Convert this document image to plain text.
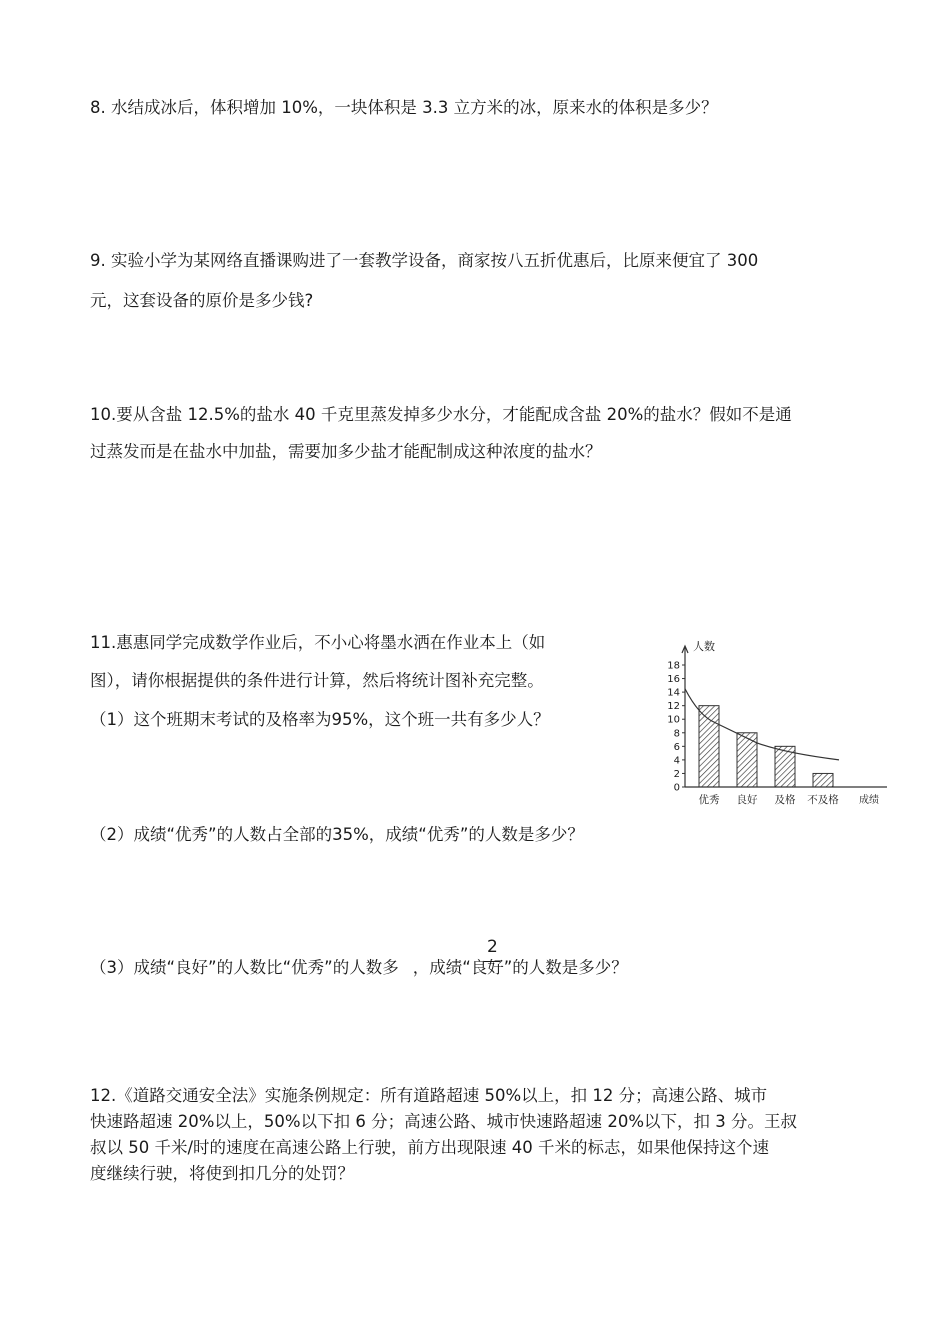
8. 水结成冰后，体积增加 10%，一块体积是 3.3 立方米的冰，原来水的体积是多少？
9. 实验小学为某网络直播课购进了一套教学设备，商家按八五折优惠后，比原来便宜了 300
元，这套设备的原价是多少钱?
10.要从含盐 12.5%的盐水 40 千克里蒸发掉多少水分，才能配成含盐 20%的盐水？假如不是通
过蒸发而是在盐水中加盐，需要加多少盐才能配制成这种浓度的盐水？
11.惠惠同学完成数学作业后，不小心将墨水洒在作业本上（如
图），请你根据提供的条件进行计算，然后将统计图补充完整。
（1）这个班期末考试的及格率为95%，这个班一共有多少人？
（2）成绩“优秀”的人数占全部的35%，成绩“优秀”的人数是多少？
（3）成绩“良好”的人数比“优秀”的人数多 ，成绩“良好”的人数是多少？
2
人数
成绩
0
2
4
6
8
10
12
14
16
18
优秀 良好 及格 不及格
12.《道路交通安全法》实施条例规定：所有道路超速 50%以上，扣 12 分；高速公路、城市
快速路超速 20%以上，50%以下扣 6 分；高速公路、城市快速路超速 20%以下，扣 3 分。王叔
叔以 50 千米/时的速度在高速公路上行驶，前方出现限速 40 千米的标志，如果他保持这个速
度继续行驶，将使到扣几分的处罚？
